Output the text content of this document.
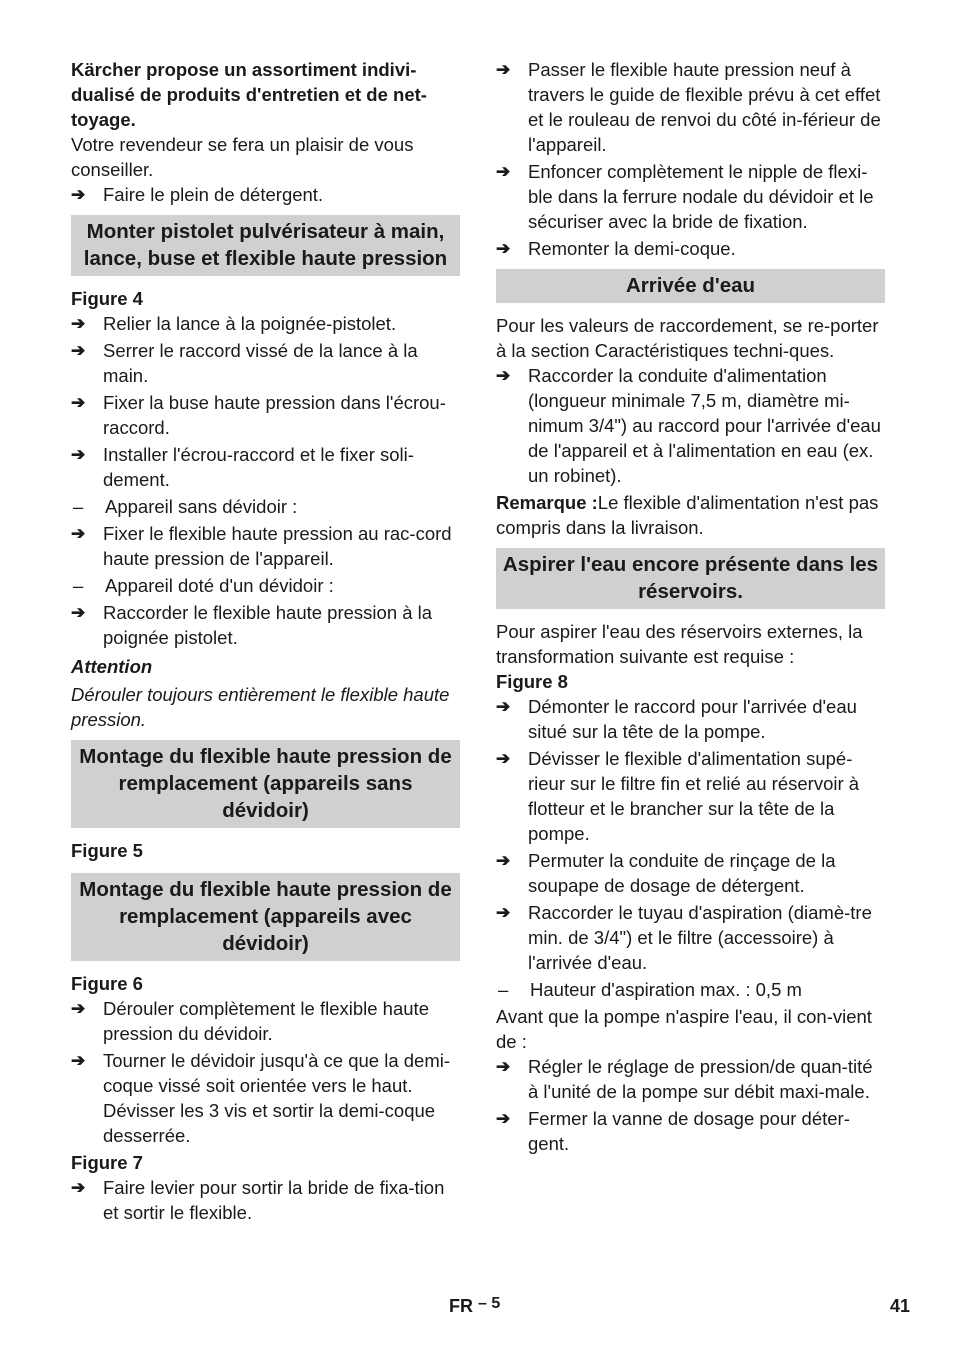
Kärcher propose un assortiment indivi-dualisé de produits d'entretien et de net-toyage.

Votre revendeur se fera un plaisir de vous conseiller.

➔ Faire le plein de détergent.
Monter pistolet pulvérisateur à main, lance, buse et flexible haute pression

Figure 4

➔ Relier la lance à la poignée-pistolet.
➔ Serrer le raccord vissé de la lance à la main.
➔ Fixer la buse haute pression dans l'écrou-raccord.
➔ Installer l'écrou-raccord et le fixer soli-dement.
–	Appareil sans dévidoir :
➔ Fixer le flexible haute pression au rac-cord haute pression de l'appareil.
–	Appareil doté d'un dévidoir :
➔ Raccorder le flexible haute pression à la poignée pistolet.

Attention

Dérouler toujours entièrement le flexible haute pression.

Montage du flexible haute pression de remplacement (appareils sans dévidoir)

Figure 5

Montage du flexible haute pression de remplacement (appareils avec dévidoir)

Figure 6

➔ Dérouler complètement le flexible haute pression du dévidoir.
➔ Tourner le dévidoir jusqu'à ce que la demi-coque vissé soit orientée vers le haut. Dévisser les 3 vis et sortir la demi-coque desserrée.

Figure 7

➔ Faire levier pour sortir la bride de fixa-tion et sortir le flexible.
➔ Passer le flexible haute pression neuf à travers le guide de flexible prévu à cet effet et le rouleau de renvoi du côté in-férieur de l'appareil.
➔ Enfoncer complètement le nipple de flexi-ble dans la ferrure nodale du dévidoir et le sécuriser avec la bride de fixation.
➔ Remonter la demi-coque.
Arrivée d'eau

Pour les valeurs de raccordement, se re-porter à la section Caractéristiques techni-ques.

➔ Raccorder la conduite d'alimentation (longueur minimale 7,5 m, diamètre mi-nimum 3/4") au raccord pour l'arrivée d'eau de l'appareil et à l'alimentation en eau (ex. un robinet).

Remarque :Le flexible d'alimentation n'est pas compris dans la livraison.

Aspirer l'eau encore présente dans les réservoirs.

Pour aspirer l'eau des réservoirs externes, la transformation suivante est requise :

Figure 8

➔ Démonter le raccord pour l'arrivée d'eau situé sur la tête de la pompe.
➔ Dévisser le flexible d'alimentation supé-rieur sur le filtre fin et relié au réservoir à flotteur et le brancher sur la tête de la pompe.
➔ Permuter la conduite de rinçage de la soupape de dosage de détergent.
➔ Raccorder le tuyau d'aspiration (diamè-tre min. de 3/4") et le filtre (accessoire) à l'arrivée d'eau.
–	Hauteur d'aspiration max. : 0,5 m

Avant que la pompe n'aspire l'eau, il con-vient de :

➔ Régler le réglage de pression/de quan-tité à l'unité de la pompe sur débit maxi-male.
➔ Fermer la vanne de dosage pour déter-gent.
FR – 5	41
